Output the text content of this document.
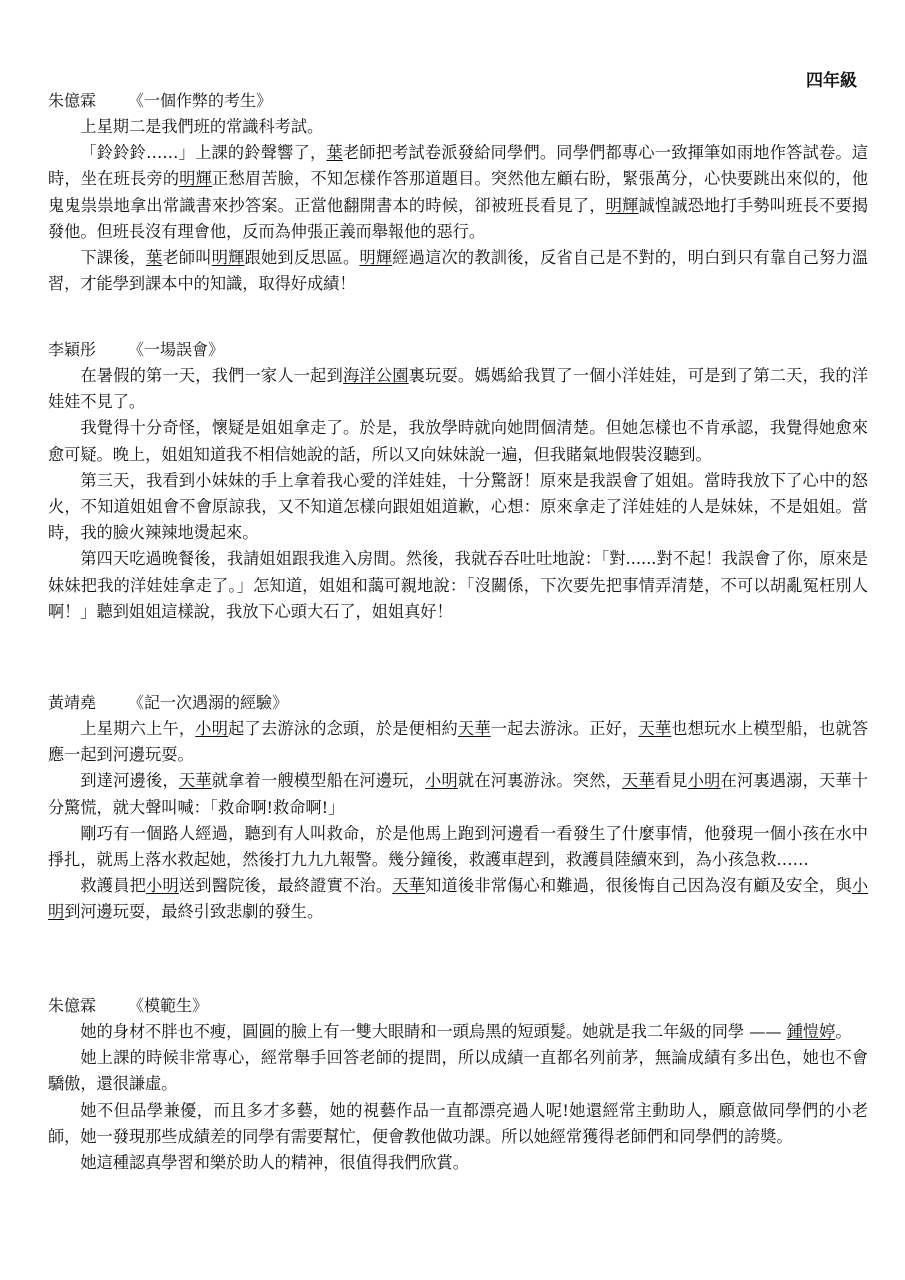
四年級
朱億霖 《一個作弊的考生》

上星期二是我們班的常識科考試。

「鈴鈴鈴……」上課的鈴聲響了，葉老師把考試卷派發給同學們。同學們都專心一致揮筆如雨地作答試卷。這時，坐在班長旁的明輝正愁眉苦臉，不知怎樣作答那道題目。突然他左顧右盼，緊張萬分，心快要跳出來似的，他鬼鬼祟祟地拿出常識書來抄答案。正當他翻開書本的時候，卻被班長看見了，明輝誠惶誠恐地打手勢叫班長不要揭發他。但班長沒有理會他，反而為伸張正義而舉報他的惡行。

下課後，葉老師叫明輝跟她到反思區。明輝經過這次的教訓後，反省自己是不對的，明白到只有靠自己努力溫習，才能學到課本中的知識，取得好成績！

李穎彤 《一場誤會》

在暑假的第一天，我們一家人一起到海洋公園裏玩耍。媽媽給我買了一個小洋娃娃，可是到了第二天，我的洋娃娃不見了。

我覺得十分奇怪，懷疑是姐姐拿走了。於是，我放學時就向她問個清楚。但她怎樣也不肯承認，我覺得她愈來愈可疑。晚上，姐姐知道我不相信她說的話，所以又向妹妹說一遍，但我賭氣地假裝沒聽到。

第三天，我看到小妹妹的手上拿着我心愛的洋娃娃，十分驚訝！原來是我誤會了姐姐。當時我放下了心中的怒火，不知道姐姐會不會原諒我，又不知道怎樣向跟姐姐道歉，心想：原來拿走了洋娃娃的人是妹妹，不是姐姐。當時，我的臉火辣辣地燙起來。

第四天吃過晚餐後，我請姐姐跟我進入房間。然後，我就吞吞吐吐地說：「對......對不起！我誤會了你，原來是妹妹把我的洋娃娃拿走了。」怎知道，姐姐和藹可親地說：「沒關係，下次要先把事情弄清楚，不可以胡亂冤枉別人啊！」聽到姐姐這樣說，我放下心頭大石了，姐姐真好！

黃靖堯 《記一次遇溺的經驗》

上星期六上午，小明起了去游泳的念頭，於是便相約天華一起去游泳。正好，天華也想玩水上模型船，也就答應一起到河邊玩耍。

到達河邊後，天華就拿着一艘模型船在河邊玩，小明就在河裏游泳。突然，天華看見小明在河裏遇溺，天華十分驚慌，就大聲叫喊：「救命啊!救命啊!」

剛巧有一個路人經過，聽到有人叫救命，於是他馬上跑到河邊看一看發生了什麼事情，他發現一個小孩在水中掙扎，就馬上落水救起她，然後打九九九報警。幾分鐘後，救護車趕到，救護員陸續來到，為小孩急救……

救護員把小明送到醫院後，最終證實不治。天華知道後非常傷心和難過，很後悔自己因為沒有顧及安全，與小明到河邊玩耍，最終引致悲劇的發生。

朱億霖 《模範生》

她的身材不胖也不瘦，圓圓的臉上有一雙大眼睛和一頭烏黑的短頭髮。她就是我二年級的同學 —— 鍾愷婷。

她上課的時候非常專心，經常舉手回答老師的提問，所以成績一直都名列前茅，無論成績有多出色，她也不會驕傲，還很謙虛。

她不但品學兼優，而且多才多藝，她的視藝作品一直都漂亮過人呢!她還經常主動助人，願意做同學們的小老師，她一發現那些成績差的同學有需要幫忙，便會教他做功課。所以她經常獲得老師們和同學們的誇獎。

她這種認真學習和樂於助人的精神，很值得我們欣賞。
